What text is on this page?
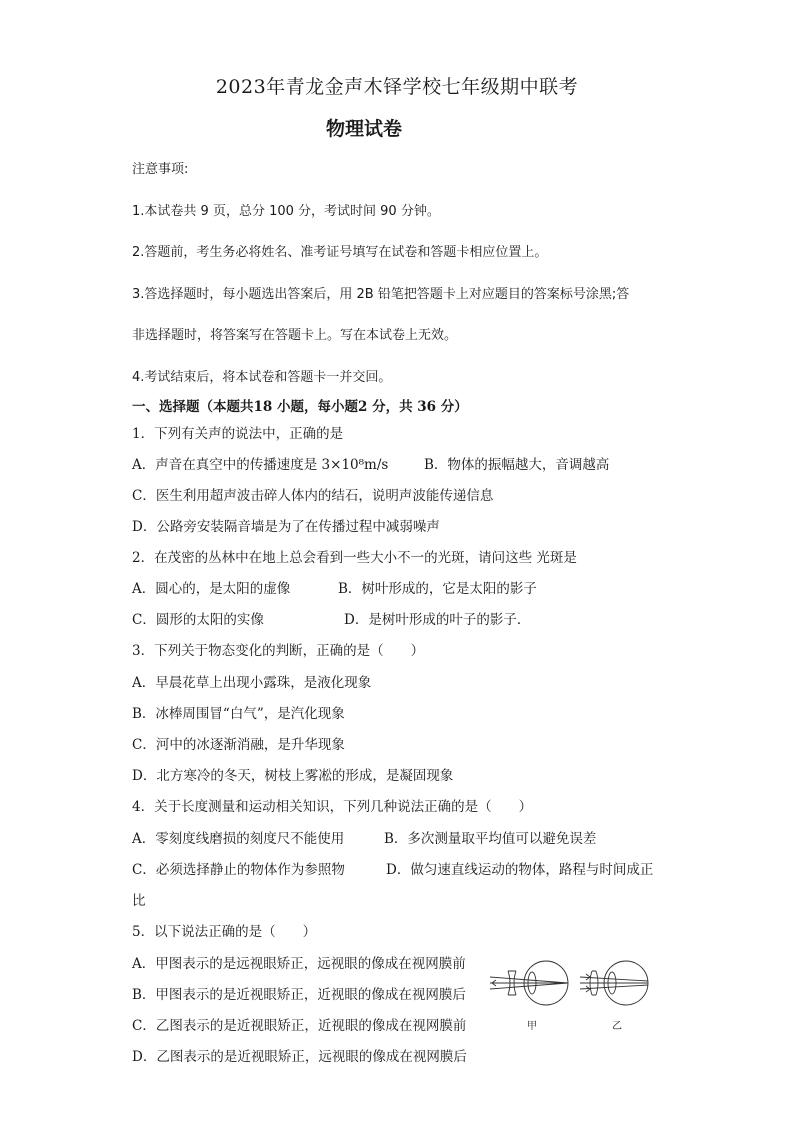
2023年青龙金声木铎学校七年级期中联考
物理试卷
注意事项:
1.本试卷共 9 页，总分 100 分，考试时间 90 分钟。
2.答题前，考生务必将姓名、准考证号填写在试卷和答题卡相应位置上。
3.答选择题时，每小题选出答案后，用 2B 铅笔把答题卡上对应题目的答案标号涂黑;答
非选择题时，将答案写在答题卡上。写在本试卷上无效。
4.考试结束后，将本试卷和答题卡一并交回。
一、选择题（本题共18 小题，每小题2 分，共 36 分）
1．下列有关声的说法中，正确的是
A．声音在真空中的传播速度是 3×10⁸m/s	B．物体的振幅越大，音调越高
C．医生利用超声波击碎人体内的结石，说明声波能传递信息
D．公路旁安装隔音墙是为了在传播过程中减弱噪声
2．在茂密的丛林中在地上总会看到一些大小不一的光斑，请问这些 光斑是
A．圆心的，是太阳的虚像	B．树叶形成的，它是太阳的影子
C．圆形的太阳的实像	D．是树叶形成的叶子的影子．
3．下列关于物态变化的判断，正确的是（　　）
A．早晨花草上出现小露珠，是液化现象
B．冰棒周围冒“白气”，是汽化现象
C．河中的冰逐渐消融，是升华现象
D．北方寒冷的冬天，树枝上雾凇的形成，是凝固现象
4．关于长度测量和运动相关知识，下列几种说法正确的是（　　）
A．零刻度线磨损的刻度尺不能使用	B．多次测量取平均值可以避免误差
C．必须选择静止的物体作为参照物	D．做匀速直线运动的物体，路程与时间成正
比
5．以下说法正确的是（　　）
A．甲图表示的是远视眼矫正，远视眼的像成在视网膜前
B．甲图表示的是近视眼矫正，近视眼的像成在视网膜后
C．乙图表示的是近视眼矫正，近视眼的像成在视网膜前
D．乙图表示的是近视眼矫正，远视眼的像成在视网膜后
甲	乙
